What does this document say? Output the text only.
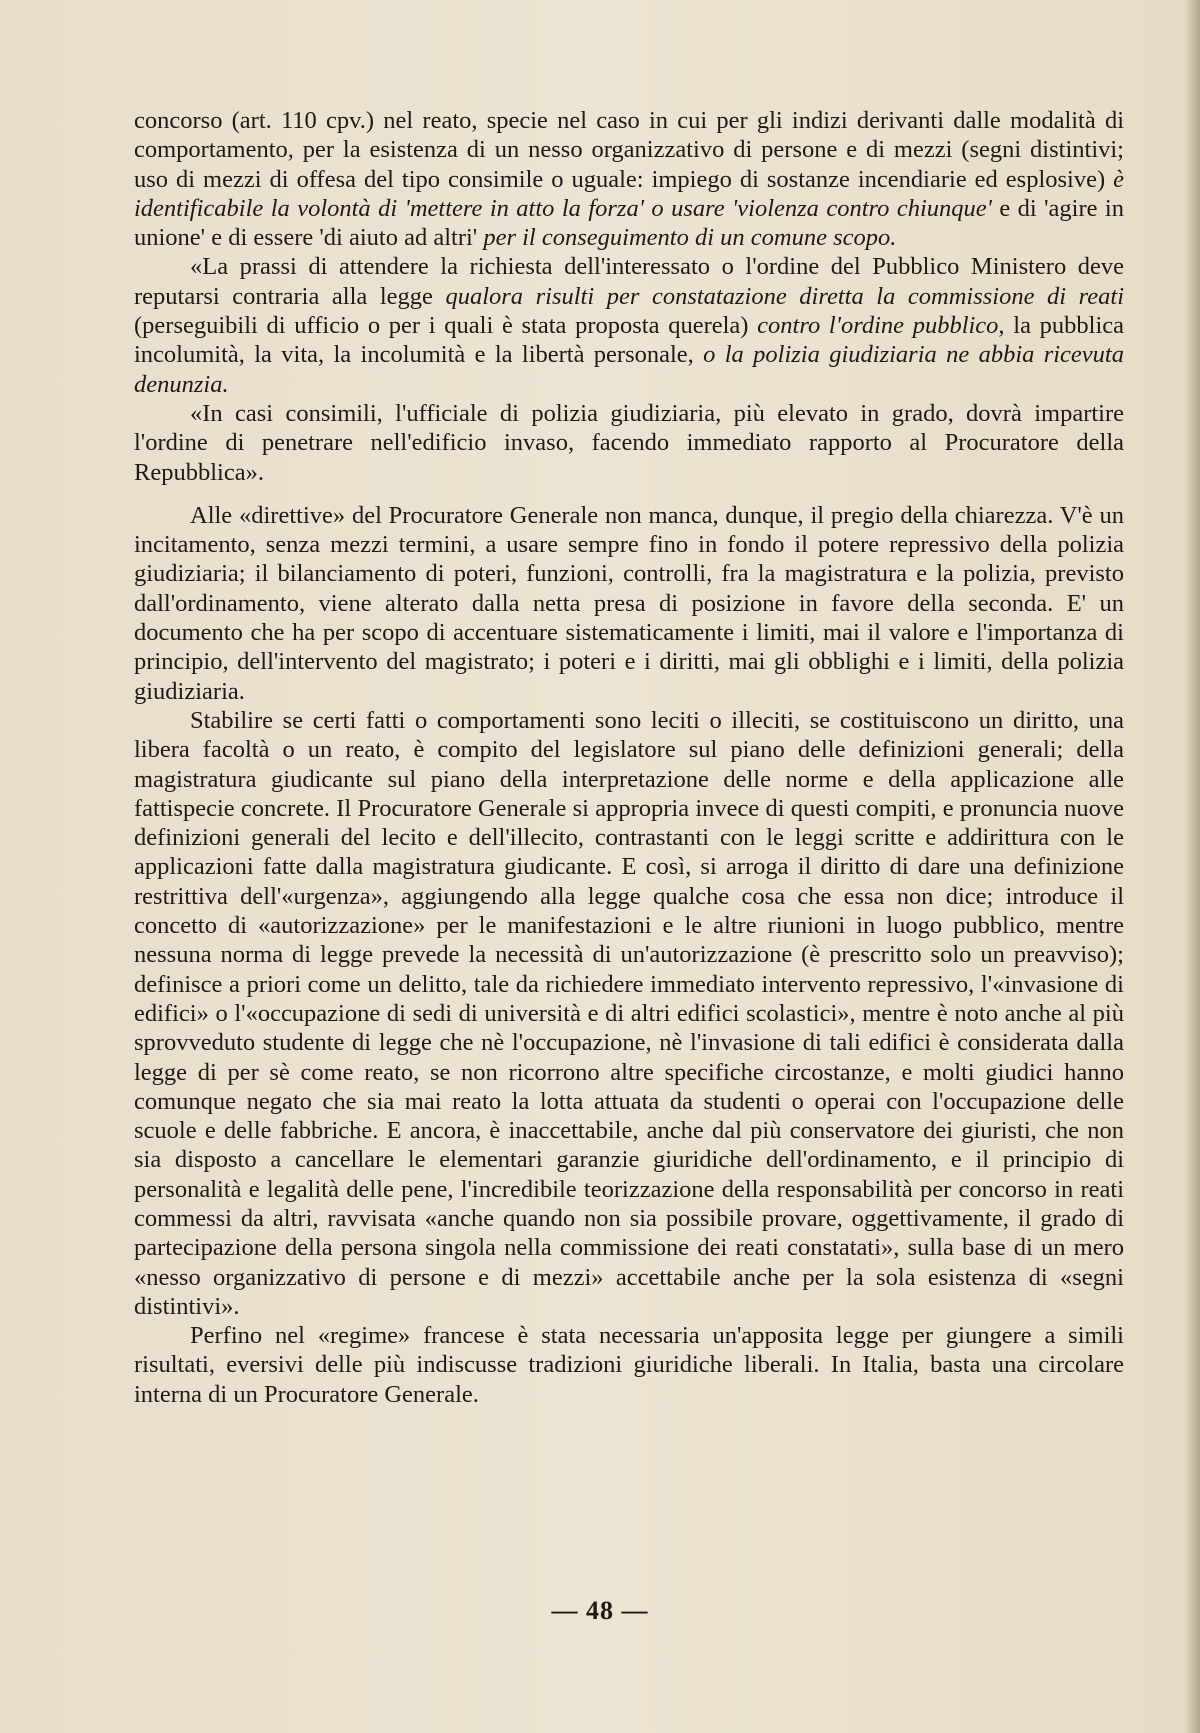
concorso (art. 110 cpv.) nel reato, specie nel caso in cui per gli indizi derivanti dalle modalità di comportamento, per la esistenza di un nesso organizzativo di persone e di mezzi (segni distintivi; uso di mezzi di offesa del tipo consimile o uguale: impiego di sostanze incendiarie ed esplosive) è identificabile la volontà di 'mettere in atto la forza' o usare 'violenza contro chiunque' e di 'agire in unione' e di essere 'di aiuto ad altri' per il conseguimento di un comune scopo.

«La prassi di attendere la richiesta dell'interessato o l'ordine del Pubblico Ministero deve reputarsi contraria alla legge qualora risulti per constatazione diretta la commissione di reati (perseguibili di ufficio o per i quali è stata proposta querela) contro l'ordine pubblico, la pubblica incolumità, la vita, la incolumità e la libertà personale, o la polizia giudiziaria ne abbia ricevuta denunzia.

«In casi consimili, l'ufficiale di polizia giudiziaria, più elevato in grado, dovrà impartire l'ordine di penetrare nell'edificio invaso, facendo immediato rapporto al Procuratore della Repubblica».

Alle «direttive» del Procuratore Generale non manca, dunque, il pregio della chiarezza. V'è un incitamento, senza mezzi termini, a usare sempre fino in fondo il potere repressivo della polizia giudiziaria; il bilanciamento di poteri, funzioni, controlli, fra la magistratura e la polizia, previsto dall'ordinamento, viene alterato dalla netta presa di posizione in favore della seconda. E' un documento che ha per scopo di accentuare sistematicamente i limiti, mai il valore e l'importanza di principio, dell'intervento del magistrato; i poteri e i diritti, mai gli obblighi e i limiti, della polizia giudiziaria.

Stabilire se certi fatti o comportamenti sono leciti o illeciti, se costituiscono un diritto, una libera facoltà o un reato, è compito del legislatore sul piano delle definizioni generali; della magistratura giudicante sul piano della interpretazione delle norme e della applicazione alle fattispecie concrete. Il Procuratore Generale si appropria invece di questi compiti, e pronuncia nuove definizioni generali del lecito e dell'illecito, contrastanti con le leggi scritte e addirittura con le applicazioni fatte dalla magistratura giudicante. E così, si arroga il diritto di dare una definizione restrittiva dell'«urgenza», aggiungendo alla legge qualche cosa che essa non dice; introduce il concetto di «autorizzazione» per le manifestazioni e le altre riunioni in luogo pubblico, mentre nessuna norma di legge prevede la necessità di un'autorizzazione (è prescritto solo un preavviso); definisce a priori come un delitto, tale da richiedere immediato intervento repressivo, l'«invasione di edifici» o l'«occupazione di sedi di università e di altri edifici scolastici», mentre è noto anche al più sprovveduto studente di legge che nè l'occupazione, nè l'invasione di tali edifici è considerata dalla legge di per sè come reato, se non ricorrono altre specifiche circostanze, e molti giudici hanno comunque negato che sia mai reato la lotta attuata da studenti o operai con l'occupazione delle scuole e delle fabbriche. E ancora, è inaccettabile, anche dal più conservatore dei giuristi, che non sia disposto a cancellare le elementari garanzie giuridiche dell'ordinamento, e il principio di personalità e legalità delle pene, l'incredibile teorizzazione della responsabilità per concorso in reati commessi da altri, ravvisata «anche quando non sia possibile provare, oggettivamente, il grado di partecipazione della persona singola nella commissione dei reati constatati», sulla base di un mero «nesso organizzativo di persone e di mezzi» accettabile anche per la sola esistenza di «segni distintivi».

Perfino nel «regime» francese è stata necessaria un'apposita legge per giungere a simili risultati, eversivi delle più indiscusse tradizioni giuridiche liberali. In Italia, basta una circolare interna di un Procuratore Generale.

— 48 —
